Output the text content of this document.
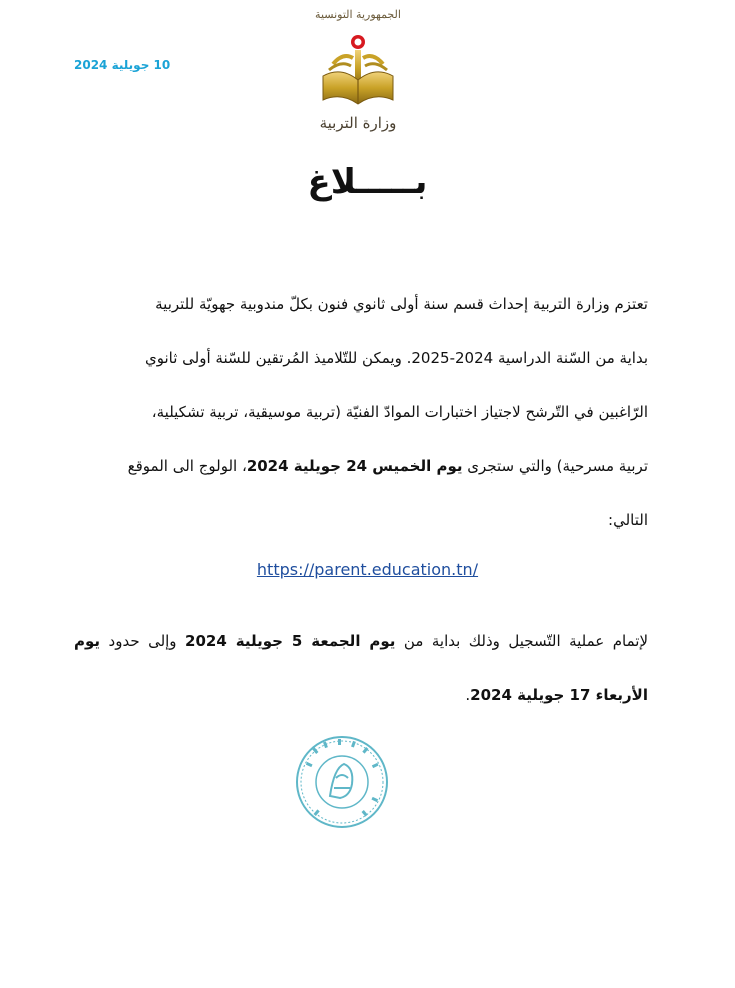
10 جويلية 2024
الجمهورية التونسية
وزارة التربية
بـــــلاغ

تعتزم وزارة التربية إحداث قسم سنة أولى ثانوي فنون بكلّ مندوبية جهويّة للتربية

بداية من السّنة الدراسية 2024-2025. ويمكن للتّلاميذ المُرتقين للسّنة أولى ثانوي

الرّاغبين في التّرشح لاجتياز اختبارات الموادّ الفنيّة (تربية موسيقية، تربية تشكيلية،

تربية مسرحية) والتي ستجرى يوم الخميس 24 جويلية 2024، الولوج الى الموقع

التالي:

https://parent.education.tn/

لإتمام عملية التّسجيل وذلك بداية من يوم الجمعة 5 جويلية 2024 وإلى حدود يوم الأربعاء 17 جويلية 2024.
